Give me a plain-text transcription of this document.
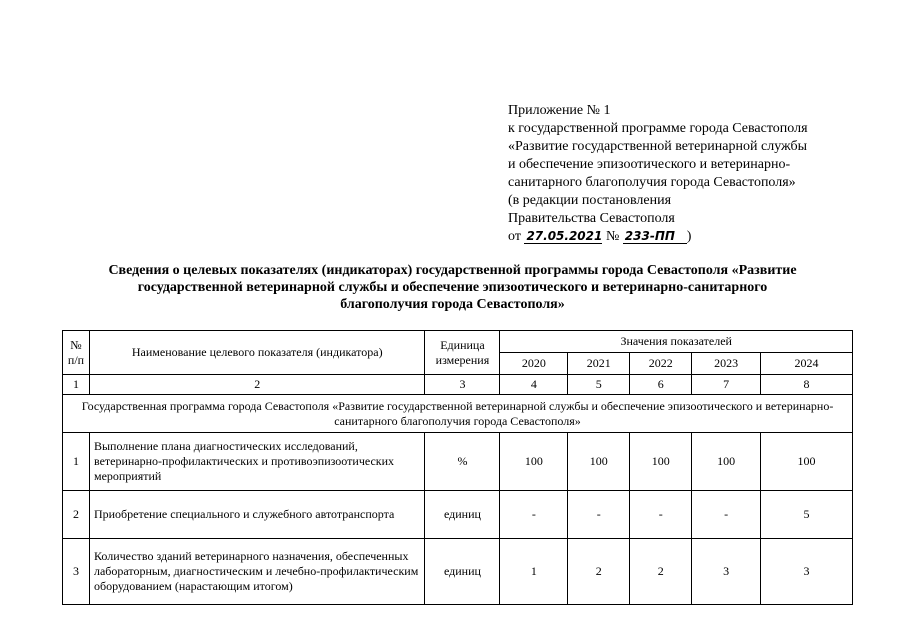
Приложение № 1
к государственной программе города Севастополя
«Развитие государственной ветеринарной службы
и обеспечение эпизоотического и ветеринарно-
санитарного благополучия города Севастополя»
(в редакции постановления
Правительства Севастополя
от 27.05.2021 № 233-ПП )
Сведения о целевых показателях (индикаторах) государственной программы города Севастополя «Развитие
государственной ветеринарной службы и обеспечение эпизоотического и ветеринарно-санитарного
благополучия города Севастополя»
№ п/п	Наименование целевого показателя (индикатора)	Единица измерения	Значения показателей				
			2020	2021	2022	2023	2024
1	2	3	4	5	6	7	8
Государственная программа города Севастополя «Развитие государственной ветеринарной службы и обеспечение эпизоотического и ветеринарно-санитарного благополучия города Севастополя»							
1	Выполнение плана диагностических исследований, ветеринарно-профилактических и противоэпизоотических мероприятий	%	100	100	100	100	100
2	Приобретение специального и служебного автотранспорта	единиц	-	-	-	-	5
3	Количество зданий ветеринарного назначения, обеспеченных лабораторным, диагностическим и лечебно-профилактическим оборудованием (нарастающим итогом)	единиц	1	2	2	3	3
